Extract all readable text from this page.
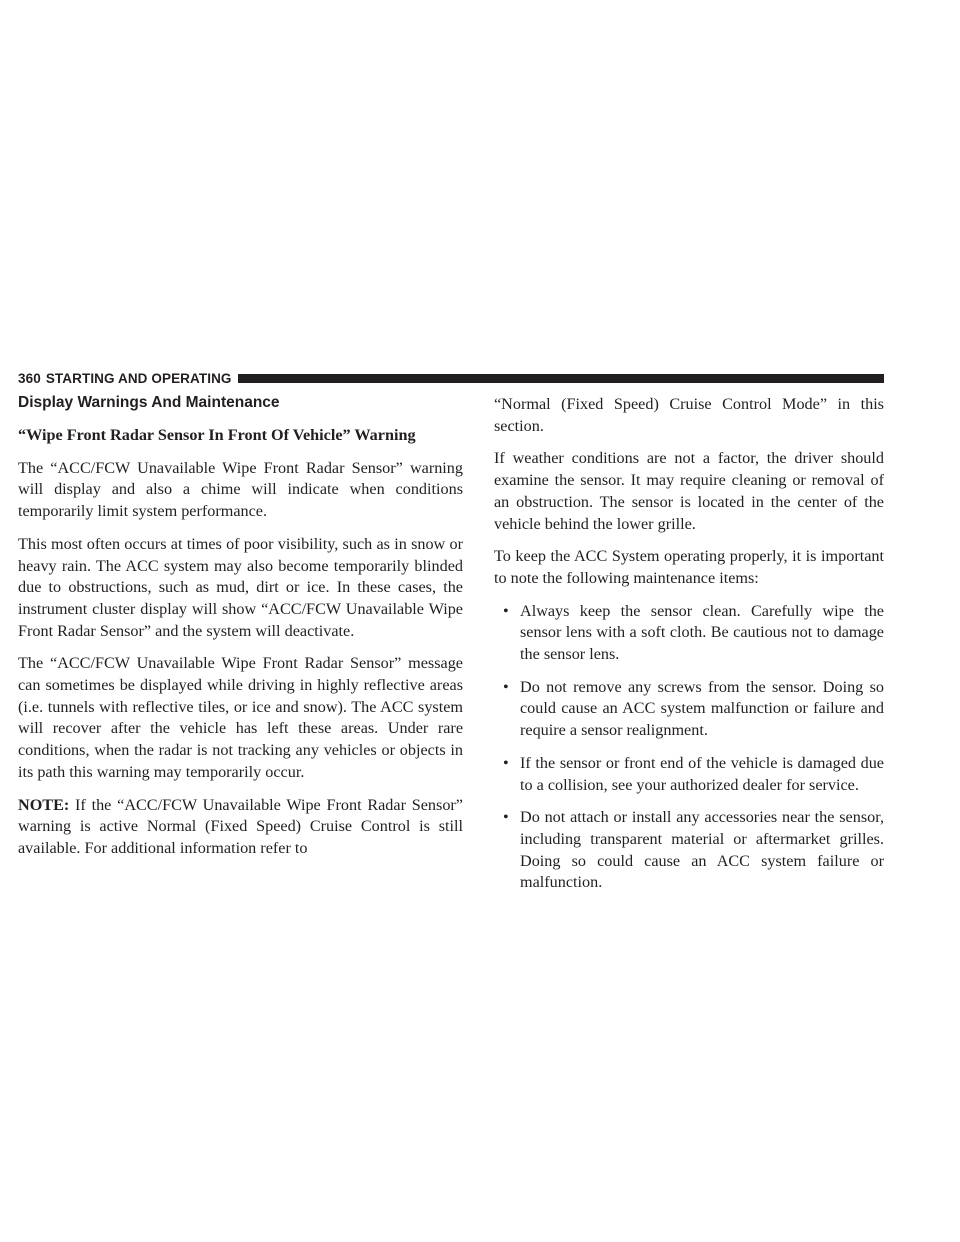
360 STARTING AND OPERATING
Display Warnings And Maintenance
“Wipe Front Radar Sensor In Front Of Vehicle” Warning

The “ACC/FCW Unavailable Wipe Front Radar Sensor” warning will display and also a chime will indicate when conditions temporarily limit system performance.

This most often occurs at times of poor visibility, such as in snow or heavy rain. The ACC system may also become temporarily blinded due to obstructions, such as mud, dirt or ice. In these cases, the instrument cluster display will show “ACC/FCW Unavailable Wipe Front Radar Sensor” and the system will deactivate.

The “ACC/FCW Unavailable Wipe Front Radar Sensor” message can sometimes be displayed while driving in highly reflective areas (i.e. tunnels with reflective tiles, or ice and snow). The ACC system will recover after the vehicle has left these areas. Under rare conditions, when the radar is not tracking any vehicles or objects in its path this warning may temporarily occur.

NOTE: If the “ACC/FCW Unavailable Wipe Front Radar Sensor” warning is active Normal (Fixed Speed) Cruise Control is still available. For additional information refer to

“Normal (Fixed Speed) Cruise Control Mode” in this section.

If weather conditions are not a factor, the driver should examine the sensor. It may require cleaning or removal of an obstruction. The sensor is located in the center of the vehicle behind the lower grille.

To keep the ACC System operating properly, it is important to note the following maintenance items:

• Always keep the sensor clean. Carefully wipe the sensor lens with a soft cloth. Be cautious not to damage the sensor lens.
• Do not remove any screws from the sensor. Doing so could cause an ACC system malfunction or failure and require a sensor realignment.
• If the sensor or front end of the vehicle is damaged due to a collision, see your authorized dealer for service.
• Do not attach or install any accessories near the sensor, including transparent material or aftermarket grilles. Doing so could cause an ACC system failure or malfunction.
